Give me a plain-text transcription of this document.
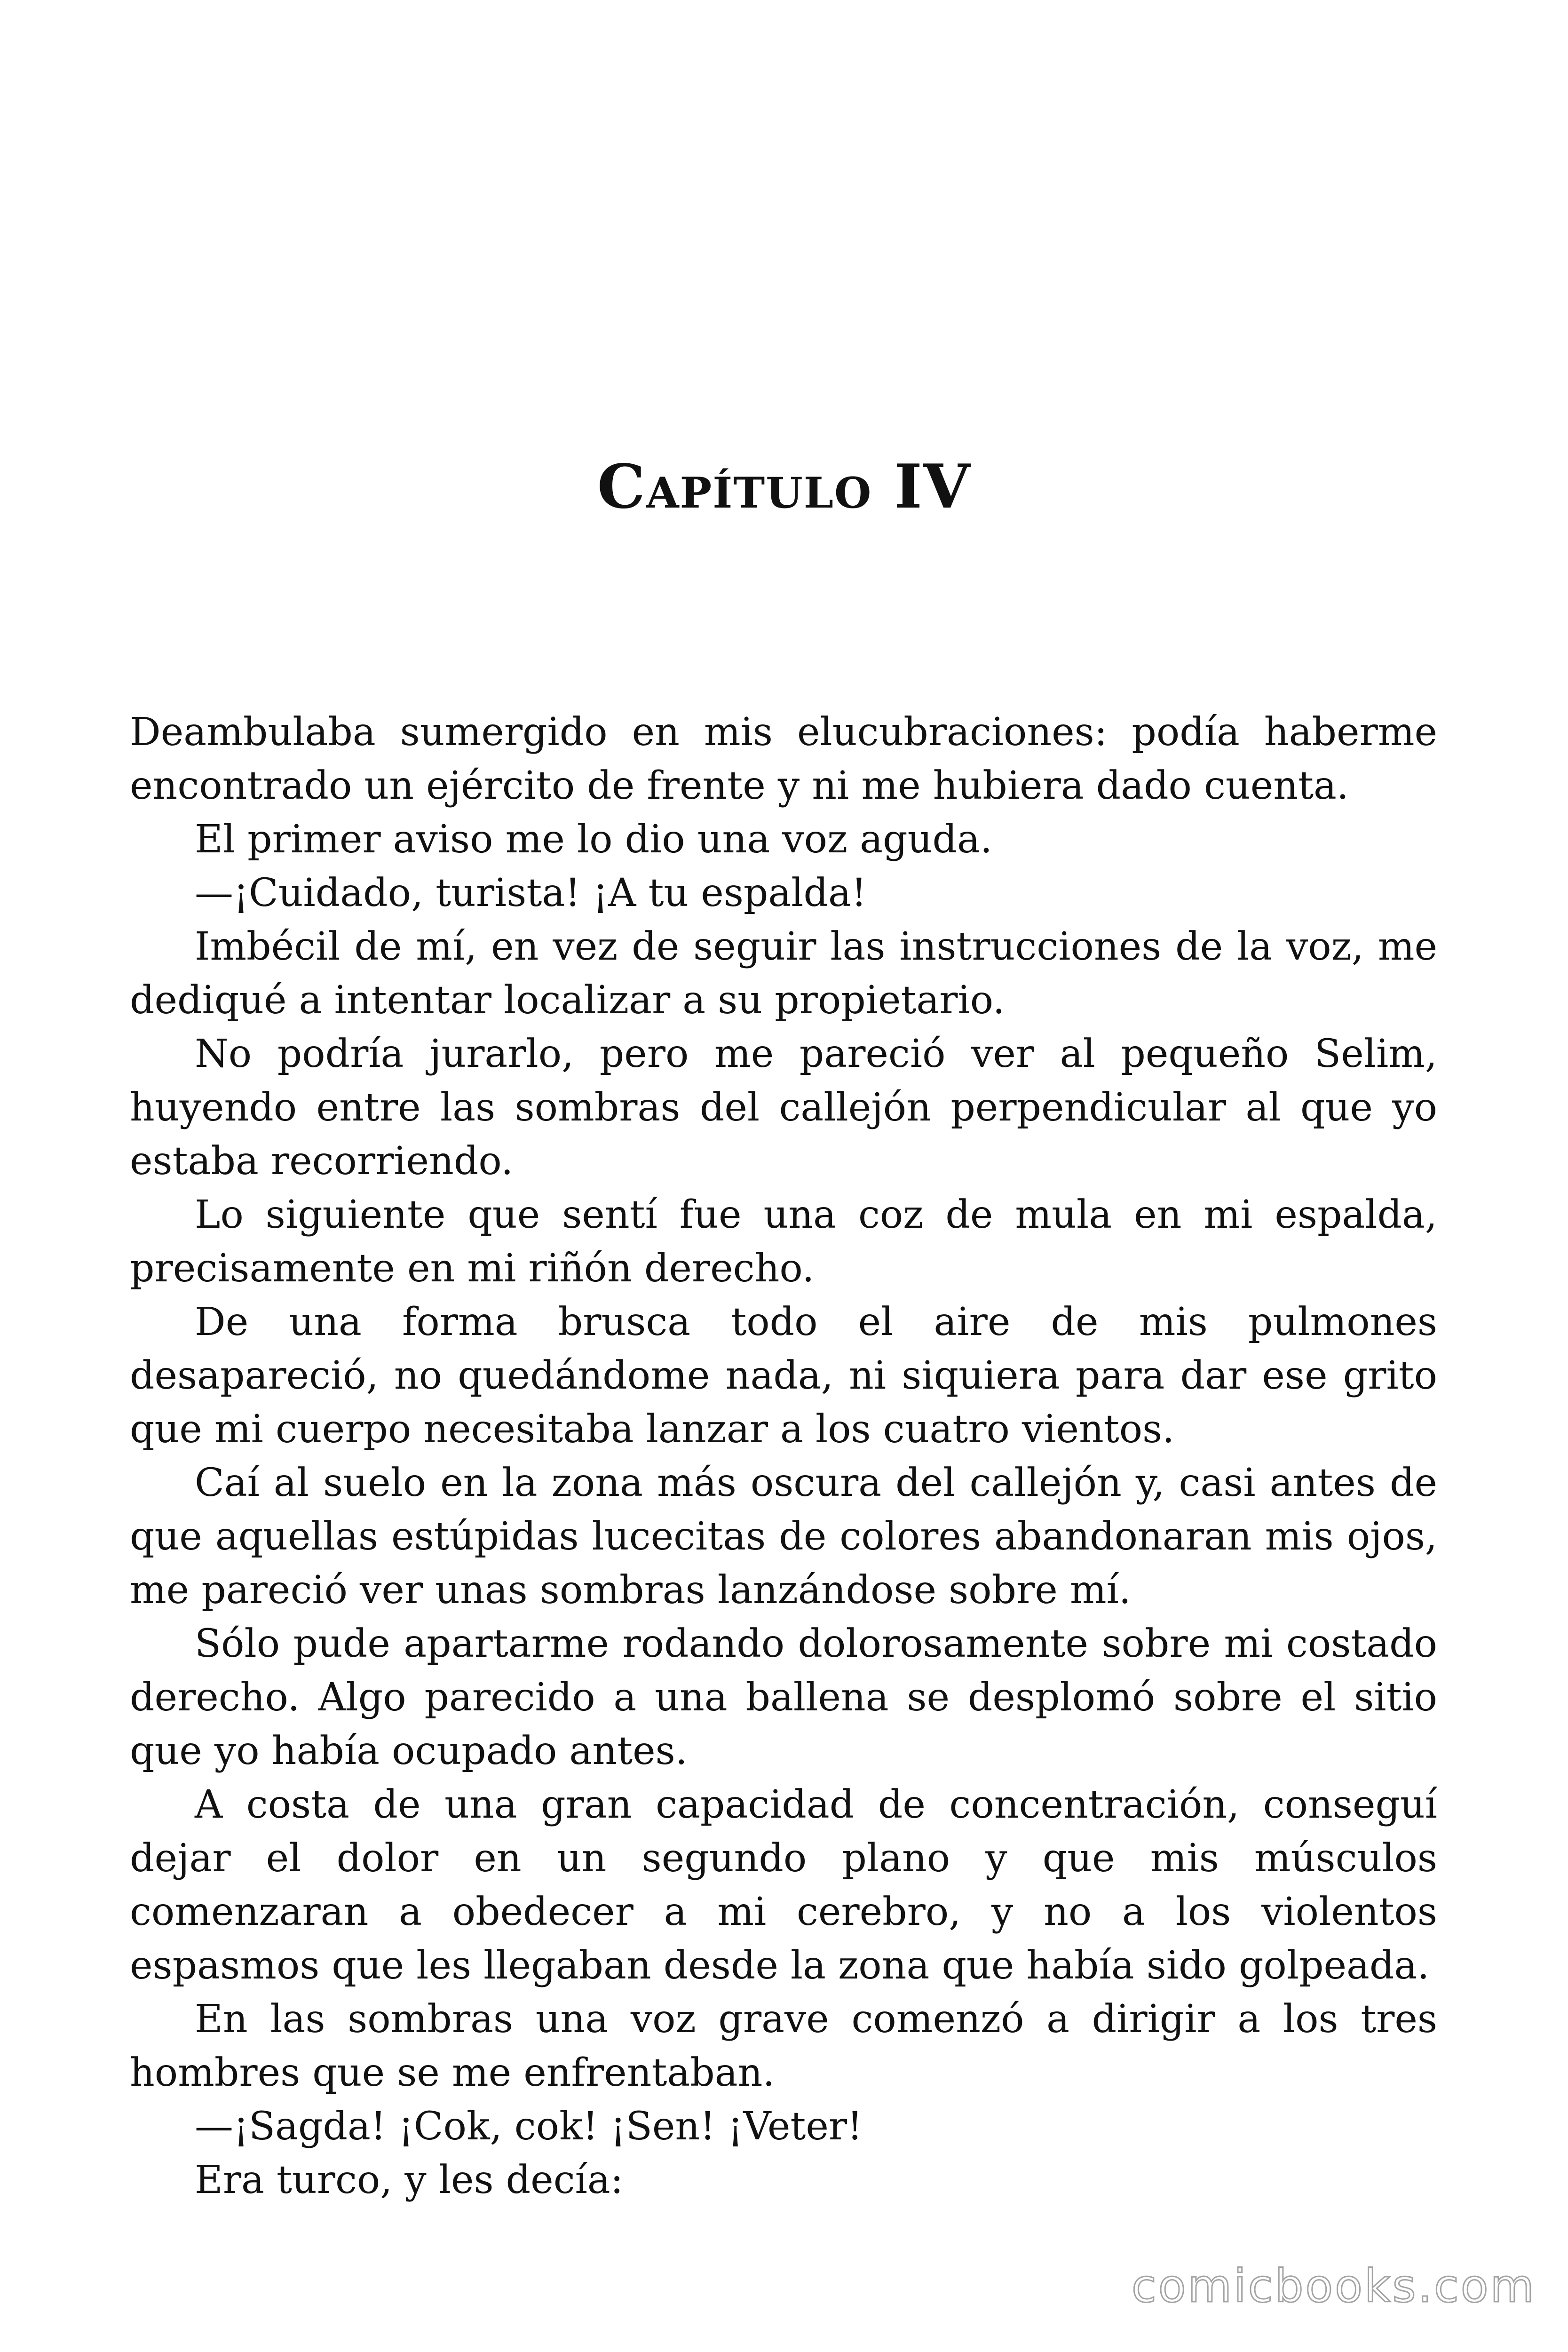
Capítulo IV

Deambulaba sumergido en mis elucubraciones: podía haberme encontrado un ejército de frente y ni me hubiera dado cuenta.

El primer aviso me lo dio una voz aguda.

—¡Cuidado, turista! ¡A tu espalda!

Imbécil de mí, en vez de seguir las instrucciones de la voz, me dediqué a intentar localizar a su propietario.

No podría jurarlo, pero me pareció ver al pequeño Selim, huyendo entre las sombras del callejón perpendicular al que yo estaba recorriendo.

Lo siguiente que sentí fue una coz de mula en mi espalda, precisamente en mi riñón derecho.

De una forma brusca todo el aire de mis pulmones desapareció, no quedándome nada, ni siquiera para dar ese grito que mi cuerpo necesitaba lanzar a los cuatro vientos.

Caí al suelo en la zona más oscura del callejón y, casi antes de que aquellas estúpidas lucecitas de colores abandonaran mis ojos, me pareció ver unas sombras lanzándose sobre mí.

Sólo pude apartarme rodando dolorosamente sobre mi costado derecho. Algo parecido a una ballena se desplomó sobre el sitio que yo había ocupado antes.

A costa de una gran capacidad de concentración, conseguí dejar el dolor en un segundo plano y que mis músculos comenzaran a obedecer a mi cerebro, y no a los violentos espasmos que les llegaban desde la zona que había sido golpeada.

En las sombras una voz grave comenzó a dirigir a los tres hombres que se me enfrentaban.

—¡Sagda! ¡Cok, cok! ¡Sen! ¡Veter!

Era turco, y les decía:

comicbooks.com
